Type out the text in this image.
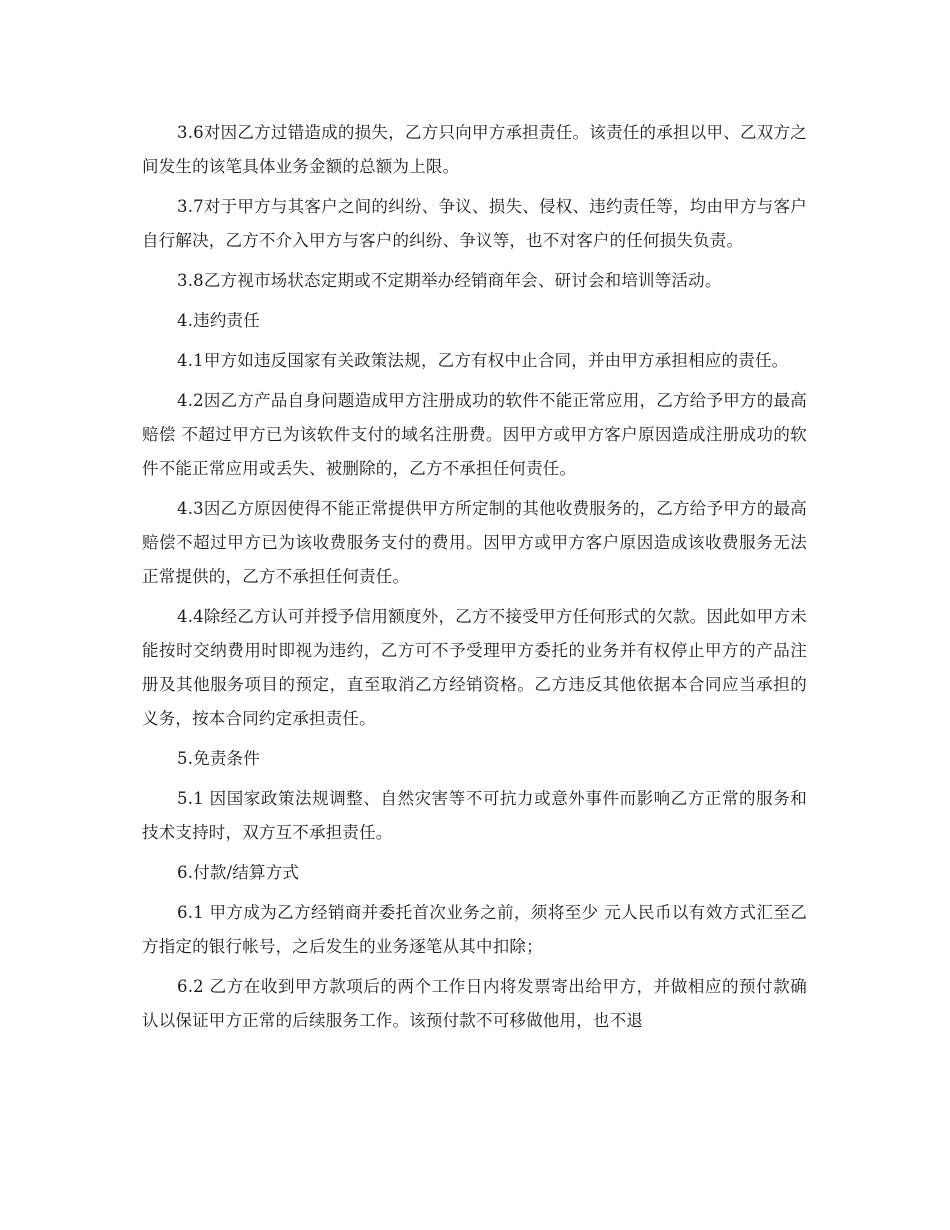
3.6对因乙方过错造成的损失，乙方只向甲方承担责任。该责任的承担以甲、乙双方之间发生的该笔具体业务金额的总额为上限。

3.7对于甲方与其客户之间的纠纷、争议、损失、侵权、违约责任等，均由甲方与客户自行解决，乙方不介入甲方与客户的纠纷、争议等，也不对客户的任何损失负责。

3.8乙方视市场状态定期或不定期举办经销商年会、研讨会和培训等活动。

4.违约责任

4.1甲方如违反国家有关政策法规，乙方有权中止合同，并由甲方承担相应的责任。

4.2因乙方产品自身问题造成甲方注册成功的软件不能正常应用，乙方给予甲方的最高赔偿 不超过甲方已为该软件支付的域名注册费。因甲方或甲方客户原因造成注册成功的软件不能正常应用或丢失、被删除的，乙方不承担任何责任。

4.3因乙方原因使得不能正常提供甲方所定制的其他收费服务的，乙方给予甲方的最高赔偿不超过甲方已为该收费服务支付的费用。因甲方或甲方客户原因造成该收费服务无法正常提供的，乙方不承担任何责任。

4.4除经乙方认可并授予信用额度外，乙方不接受甲方任何形式的欠款。因此如甲方未能按时交纳费用时即视为违约，乙方可不予受理甲方委托的业务并有权停止甲方的产品注册及其他服务项目的预定，直至取消乙方经销资格。乙方违反其他依据本合同应当承担的义务，按本合同约定承担责任。

5.免责条件

5.1 因国家政策法规调整、自然灾害等不可抗力或意外事件而影响乙方正常的服务和技术支持时，双方互不承担责任。

6.付款/结算方式

6.1 甲方成为乙方经销商并委托首次业务之前，须将至少 元人民币以有效方式汇至乙方指定的银行帐号，之后发生的业务逐笔从其中扣除；

6.2 乙方在收到甲方款项后的两个工作日内将发票寄出给甲方，并做相应的预付款确认以保证甲方正常的后续服务工作。该预付款不可移做他用，也不退
